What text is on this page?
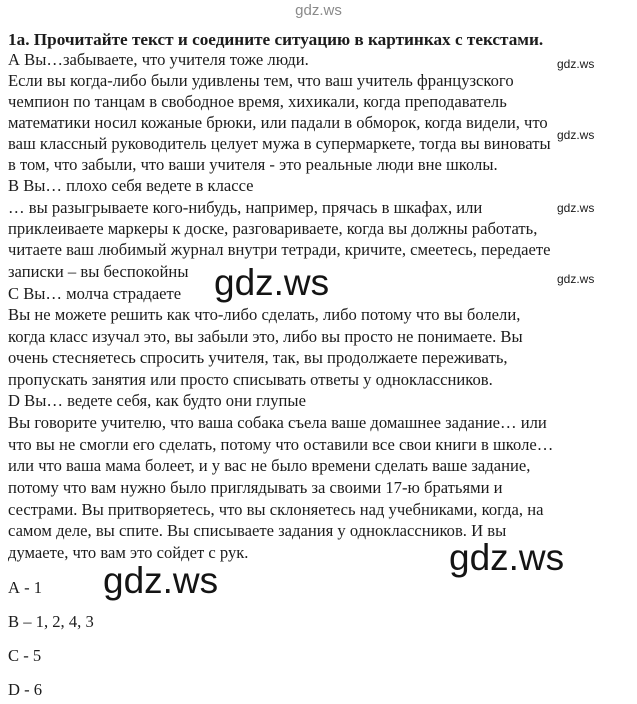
gdz.ws
1а. Прочитайте текст и соедините ситуацию в картинках с текстами.
А Вы…забываете, что учителя тоже люди.
Если вы когда-либо были удивлены тем, что ваш учитель французского
чемпион по танцам в свободное время, хихикали, когда преподаватель
математики носил кожаные брюки, или падали в обморок, когда видели, что
ваш классный руководитель целует мужа в супермаркете, тогда вы виноваты
в том, что забыли, что ваши учителя - это реальные люди вне школы.
В Вы… плохо себя ведете в классе
… вы разыгрываете кого-нибудь, например, прячась в шкафах, или
приклеиваете маркеры к доске, разговариваете, когда вы должны работать,
читаете ваш любимый журнал внутри тетради, кричите, смеетесь, передаете
записки – вы беспокойны
С Вы… молча страдаете
Вы не можете решить как что-либо сделать, либо потому что вы болели,
когда класс изучал это, вы забыли это, либо вы просто не понимаете. Вы
очень стесняетесь спросить учителя, так, вы продолжаете переживать,
пропускать занятия или просто списывать ответы у одноклассников.
D Вы… ведете себя, как будто они глупые
Вы говорите учителю, что ваша собака съела ваше домашнее задание… или
что вы не смогли его сделать, потому что оставили все свои книги в школе…
или что ваша мама болеет, и у вас не было времени сделать ваше задание,
потому что вам нужно было приглядывать за своими 17-ю братьями и
сестрами. Вы притворяетесь, что вы склоняетесь над учебниками, когда, на
самом деле, вы спите. Вы списываете задания у одноклассников. И вы
думаете, что вам это сойдет с рук.
А - 1
В – 1, 2, 4, 3
С - 5
D - 6
gdz.ws
gdz.ws
gdz.ws
gdz.ws
gdz.ws
gdz.ws
gdz.ws
